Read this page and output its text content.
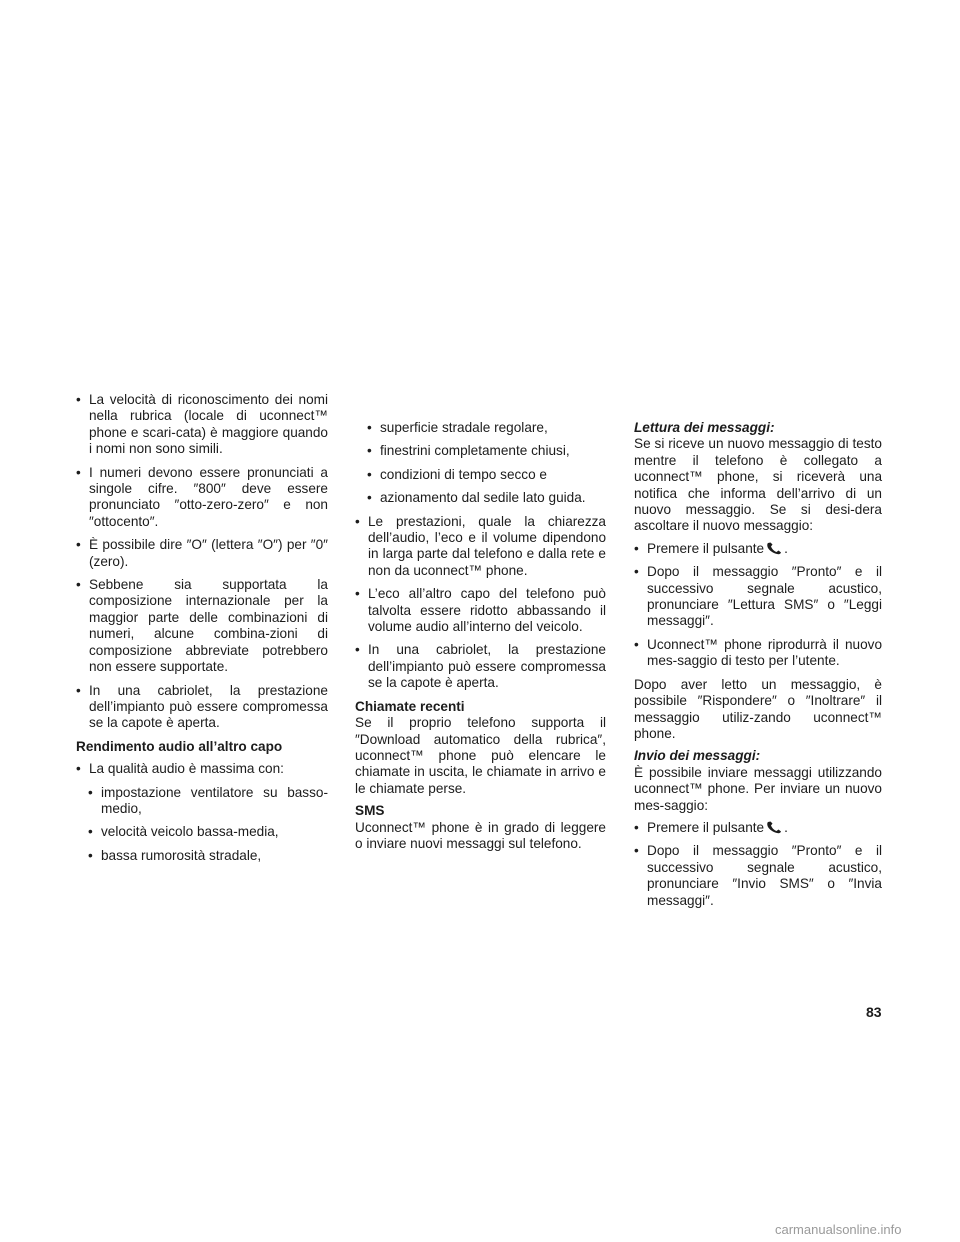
• La velocità di riconoscimento dei nomi nella rubrica (locale di uconnect™ phone e scari-cata) è maggiore quando i nomi non sono simili.
• I numeri devono essere pronunciati a singole cifre. ″800″ deve essere pronunciato ″otto-zero-zero″ e non ″ottocento″.
• È possibile dire ″O″ (lettera ″O″) per ″0″ (zero).
• Sebbene sia supportata la composizione internazionale per la maggior parte delle combinazioni di numeri, alcune combina-zioni di composizione abbreviate potrebbero non essere supportate.
• In una cabriolet, la prestazione dell’impianto può essere compromessa se la capote è aperta.
Rendimento audio all’altro capo
• La qualità audio è massima con:
• impostazione ventilatore su basso-medio,
• velocità veicolo bassa-media,
• bassa rumorosità stradale,
• superficie stradale regolare,
• finestrini completamente chiusi,
• condizioni di tempo secco e
• azionamento dal sedile lato guida.
• Le prestazioni, quale la chiarezza dell’audio, l’eco e il volume dipendono in larga parte dal telefono e dalla rete e non da uconnect™ phone.
• L’eco all’altro capo del telefono può talvolta essere ridotto abbassando il volume audio all’interno del veicolo.
• In una cabriolet, la prestazione dell’impianto può essere compromessa se la capote è aperta.
Chiamate recenti
Se il proprio telefono supporta il ″Download automatico della rubrica″, uconnect™ phone può elencare le chiamate in uscita, le chiamate in arrivo e le chiamate perse.
SMS
Uconnect™ phone è in grado di leggere o inviare nuovi messaggi sul telefono.
Lettura dei messaggi:
Se si riceve un nuovo messaggio di testo mentre il telefono è collegato a uconnect™ phone, si riceverà una notifica che informa dell’arrivo di un nuovo messaggio. Se si desi-dera ascoltare il nuovo messaggio:
• Premere il pulsante .
• Dopo il messaggio ″Pronto″ e il successivo segnale acustico, pronunciare ″Lettura SMS″ o ″Leggi messaggi″.
• Uconnect™ phone riprodurrà il nuovo mes-saggio di testo per l’utente.
Dopo aver letto un messaggio, è possibile ″Rispondere″ o ″Inoltrare″ il messaggio utiliz-zando uconnect™ phone.
Invio dei messaggi:
È possibile inviare messaggi utilizzando uconnect™ phone. Per inviare un nuovo mes-saggio:
• Premere il pulsante .
• Dopo il messaggio ″Pronto″ e il successivo segnale acustico, pronunciare ″Invio SMS″ o ″Invia messaggi″.
83
carmanualsonline.info
